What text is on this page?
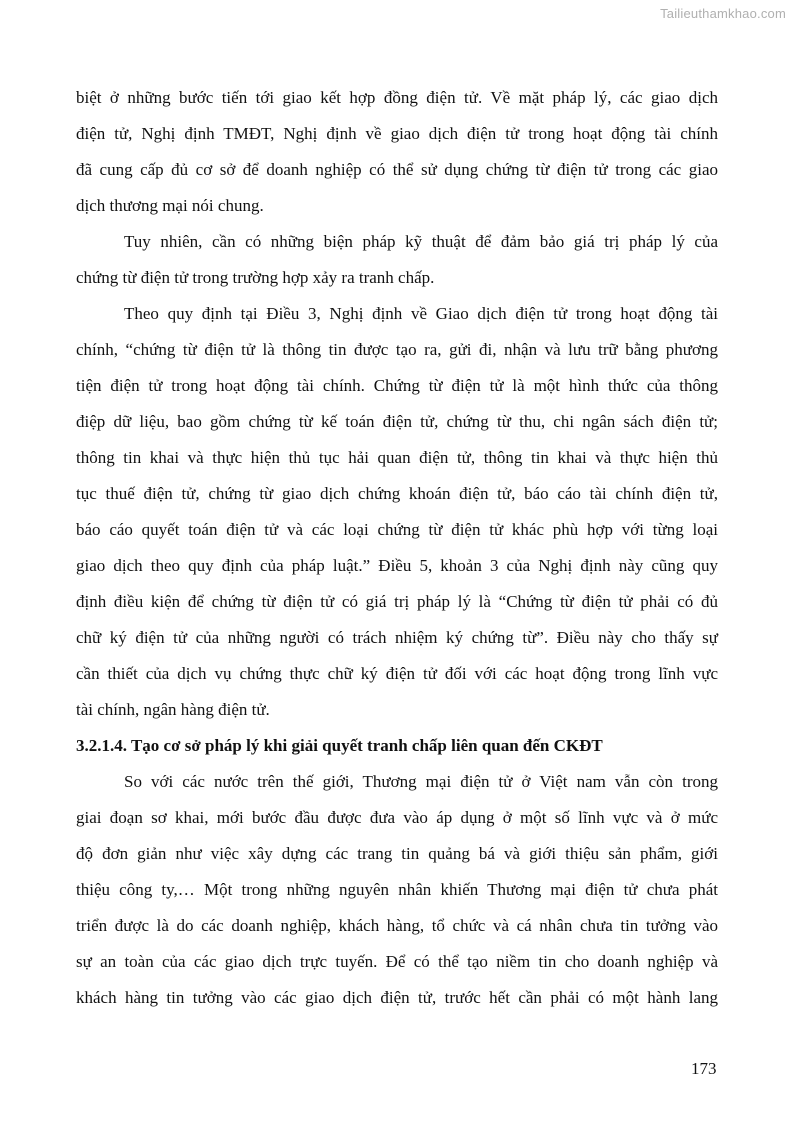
Tailieuthamkhao.com
biệt ở những bước tiến tới giao kết hợp đồng điện tử. Về mặt pháp lý, các giao dịch
điện tử, Nghị định TMĐT, Nghị định về giao dịch điện tử trong hoạt động tài chính
đã cung cấp đủ cơ sở để doanh nghiệp có thể sử dụng chứng từ điện tử trong các giao
dịch thương mại nói chung.
Tuy nhiên, cần có những biện pháp kỹ thuật để đảm bảo giá trị pháp lý của
chứng từ điện tử trong trường hợp xảy ra tranh chấp.
Theo quy định tại Điều 3, Nghị định về Giao dịch điện tử trong hoạt động tài
chính, “chứng từ điện tử là thông tin được tạo ra, gửi đi, nhận và lưu trữ bằng phương
tiện điện tử trong hoạt động tài chính. Chứng từ điện tử là một hình thức của thông
điệp dữ liệu, bao gồm chứng từ kế toán điện tử, chứng từ thu, chi ngân sách điện tử;
thông tin khai và thực hiện thủ tục hải quan điện tử, thông tin khai và thực hiện thủ
tục thuế điện tử, chứng từ giao dịch chứng khoán điện tử, báo cáo tài chính điện tử,
báo cáo quyết toán điện tử và các loại chứng từ điện tử khác phù hợp với từng loại
giao dịch theo quy định của pháp luật.” Điều 5, khoản 3 của Nghị định này cũng quy
định điều kiện để chứng từ điện tử có giá trị pháp lý là “Chứng từ điện tử phải có đủ
chữ ký điện tử của những người có trách nhiệm ký chứng từ”. Điều này cho thấy sự
cần thiết của dịch vụ chứng thực chữ ký điện tử đối với các hoạt động trong lĩnh vực
tài chính, ngân hàng điện tử.
3.2.1.4. Tạo cơ sở pháp lý khi giải quyết tranh chấp liên quan đến CKĐT
So với các nước trên thế giới, Thương mại điện tử ở Việt nam vẫn còn trong
giai đoạn sơ khai, mới bước đầu được đưa vào áp dụng ở một số lĩnh vực và ở mức
độ đơn giản như việc xây dựng các trang tin quảng bá và giới thiệu sản phẩm, giới
thiệu công ty,… Một trong những nguyên nhân khiến Thương mại điện tử chưa phát
triển được là do các doanh nghiệp, khách hàng, tổ chức và cá nhân chưa tin tưởng vào
sự an toàn của các giao dịch trực tuyến. Để có thể tạo niềm tin cho doanh nghiệp và
khách hàng tin tưởng vào các giao dịch điện tử, trước hết cần phải có một hành lang
173
